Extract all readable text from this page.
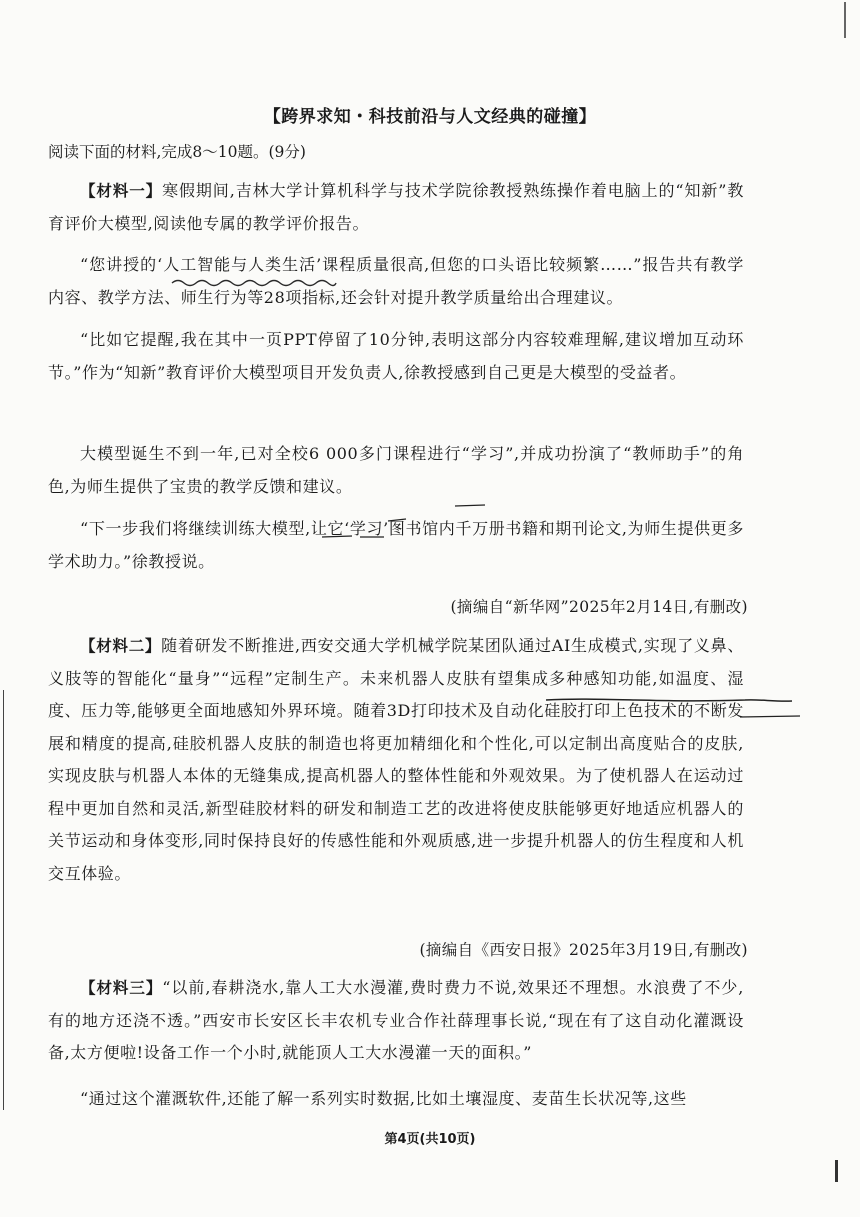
【跨界求知・科技前沿与人文经典的碰撞】
阅读下面的材料,完成8～10题。(9分)

【材料一】寒假期间,吉林大学计算机科学与技术学院徐教授熟练操作着电脑上的“知新”教育评价大模型,阅读他专属的教学评价报告。

“您讲授的‘人工智能与人类生活’课程质量很高,但您的口头语比较频繁……”报告共有教学内容、教学方法、师生行为等28项指标,还会针对提升教学质量给出合理建议。

“比如它提醒,我在其中一页PPT停留了10分钟,表明这部分内容较难理解,建议增加互动环节。”作为“知新”教育评价大模型项目开发负责人,徐教授感到自己更是大模型的受益者。

大模型诞生不到一年,已对全校6 000多门课程进行“学习”,并成功扮演了“教师助手”的角色,为师生提供了宝贵的教学反馈和建议。

“下一步我们将继续训练大模型,让它‘学习’图书馆内千万册书籍和期刊论文,为师生提供更多学术助力。”徐教授说。

(摘编自“新华网”2025年2月14日,有删改)

【材料二】随着研发不断推进,西安交通大学机械学院某团队通过AI生成模式,实现了义鼻、义肢等的智能化“量身”“远程”定制生产。未来机器人皮肤有望集成多种感知功能,如温度、湿度、压力等,能够更全面地感知外界环境。随着3D打印技术及自动化硅胶打印上色技术的不断发展和精度的提高,硅胶机器人皮肤的制造也将更加精细化和个性化,可以定制出高度贴合的皮肤,实现皮肤与机器人本体的无缝集成,提高机器人的整体性能和外观效果。为了使机器人在运动过程中更加自然和灵活,新型硅胶材料的研发和制造工艺的改进将使皮肤能够更好地适应机器人的关节运动和身体变形,同时保持良好的传感性能和外观质感,进一步提升机器人的仿生程度和人机交互体验。

(摘编自《西安日报》2025年3月19日,有删改)

【材料三】“以前,春耕浇水,靠人工大水漫灌,费时费力不说,效果还不理想。水浪费了不少,有的地方还浇不透。”西安市长安区长丰农机专业合作社薛理事长说,“现在有了这自动化灌溉设备,太方便啦!设备工作一个小时,就能顶人工大水漫灌一天的面积。”

“通过这个灌溉软件,还能了解一系列实时数据,比如土壤湿度、麦苗生长状况等,这些

第4页(共10页)
